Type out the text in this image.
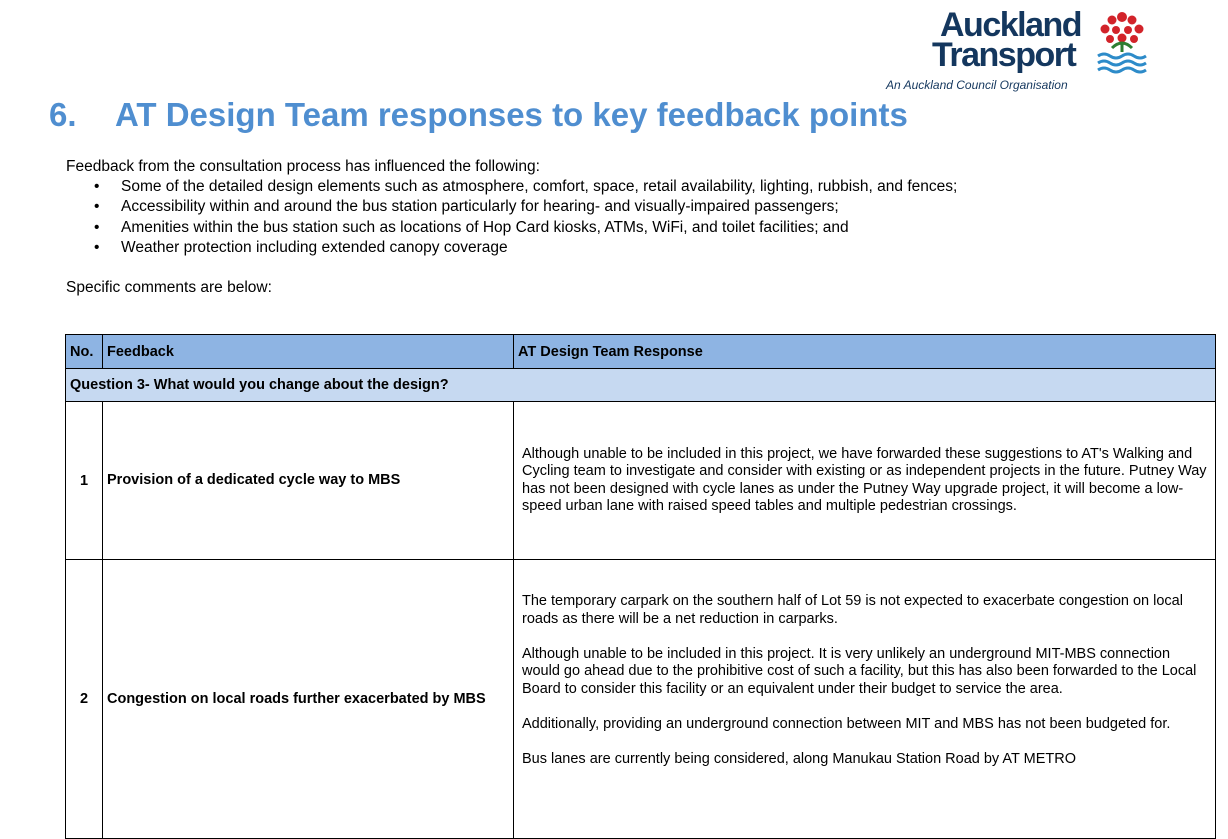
Auckland
Transport
An Auckland Council Organisation
6. AT Design Team responses to key feedback points
Feedback from the consultation process has influenced the following:
• Some of the detailed design elements such as atmosphere, comfort, space, retail availability, lighting, rubbish, and fences;
• Accessibility within and around the bus station particularly for hearing- and visually-impaired passengers;
• Amenities within the bus station such as locations of Hop Card kiosks, ATMs, WiFi, and toilet facilities; and
• Weather protection including extended canopy coverage
Specific comments are below:
No.	Feedback	AT Design Team Response
Question 3- What would you change about the design?		
1	Provision of a dedicated cycle way to MBS	Although unable to be included in this project, we have forwarded these suggestions to AT's Walking and Cycling team to investigate and consider with existing or as independent projects in the future. Putney Way has not been designed with cycle lanes as under the Putney Way upgrade project, it will become a low-speed urban lane with raised speed tables and multiple pedestrian crossings.

2	Congestion on local roads further exacerbated by MBS	The temporary carpark on the southern half of Lot 59 is not expected to exacerbate congestion on local roads as there will be a net reduction in carparks.

Although unable to be included in this project. It is very unlikely an underground MIT-MBS connection would go ahead due to the prohibitive cost of such a facility, but this has also been forwarded to the Local Board to consider this facility or an equivalent under their budget to service the area.

Additionally, providing an underground connection between MIT and MBS has not been budgeted for.

Bus lanes are currently being considered, along Manukau Station Road by AT METRO
